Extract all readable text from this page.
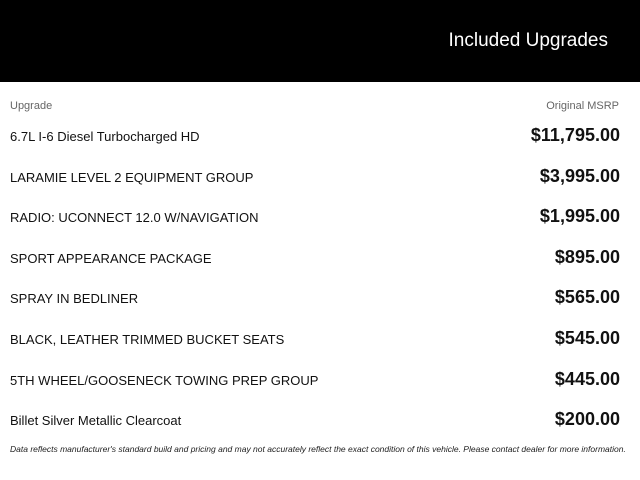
Included Upgrades
Upgrade	Original MSRP
6.7L I-6 Diesel Turbocharged HD	$11,795.00
LARAMIE LEVEL 2 EQUIPMENT GROUP	$3,995.00
RADIO: UCONNECT 12.0 W/NAVIGATION	$1,995.00
SPORT APPEARANCE PACKAGE	$895.00
SPRAY IN BEDLINER	$565.00
BLACK, LEATHER TRIMMED BUCKET SEATS	$545.00
5TH WHEEL/GOOSENECK TOWING PREP GROUP	$445.00
Billet Silver Metallic Clearcoat	$200.00
Data reflects manufacturer's standard build and pricing and may not accurately reflect the exact condition of this vehicle. Please contact dealer for more information.
